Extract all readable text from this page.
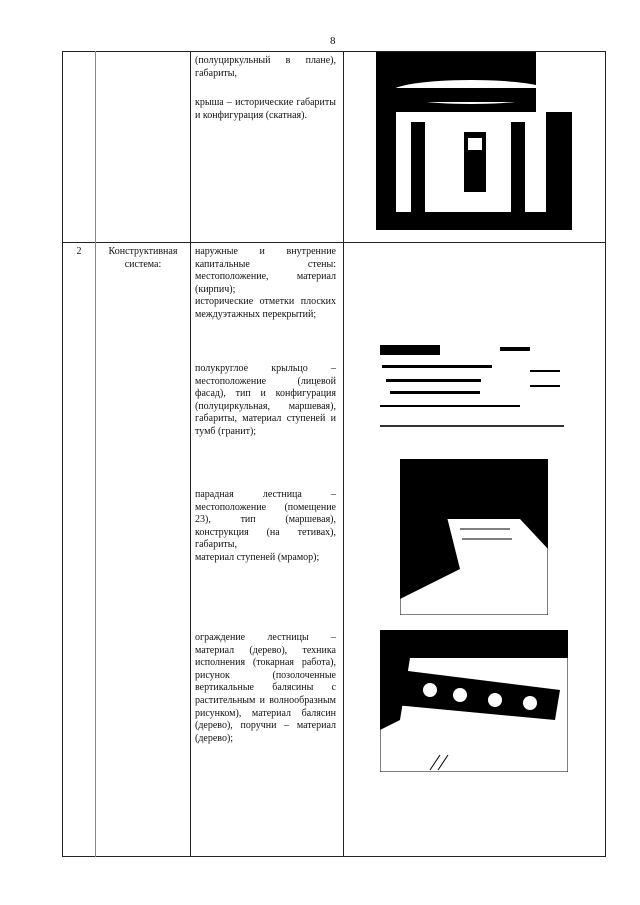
8

(полуциркульный в плане), габариты,

крыша – исторические габариты и конфигурация (скатная).

2	Конструктивная система:

наружные и внутренние капитальные стены: местоположение, материал (кирпич);

исторические отметки плоских междуэтажных перекрытий;

полукруглое крыльцо – местоположение (лицевой фасад), тип и конфигурация (полуциркульная, маршевая), габариты, материал ступеней и тумб (гранит);

парадная лестница – местоположение (помещение 23), тип (маршевая), конструкция (на тетивах), габариты,

материал ступеней (мрамор);

ограждение лестницы – материал (дерево), техника исполнения (токарная работа), рисунок (позолоченные вертикальные балясины с растительным и волнообразным рисунком), материал балясин (дерево), поручни – материал (дерево);
